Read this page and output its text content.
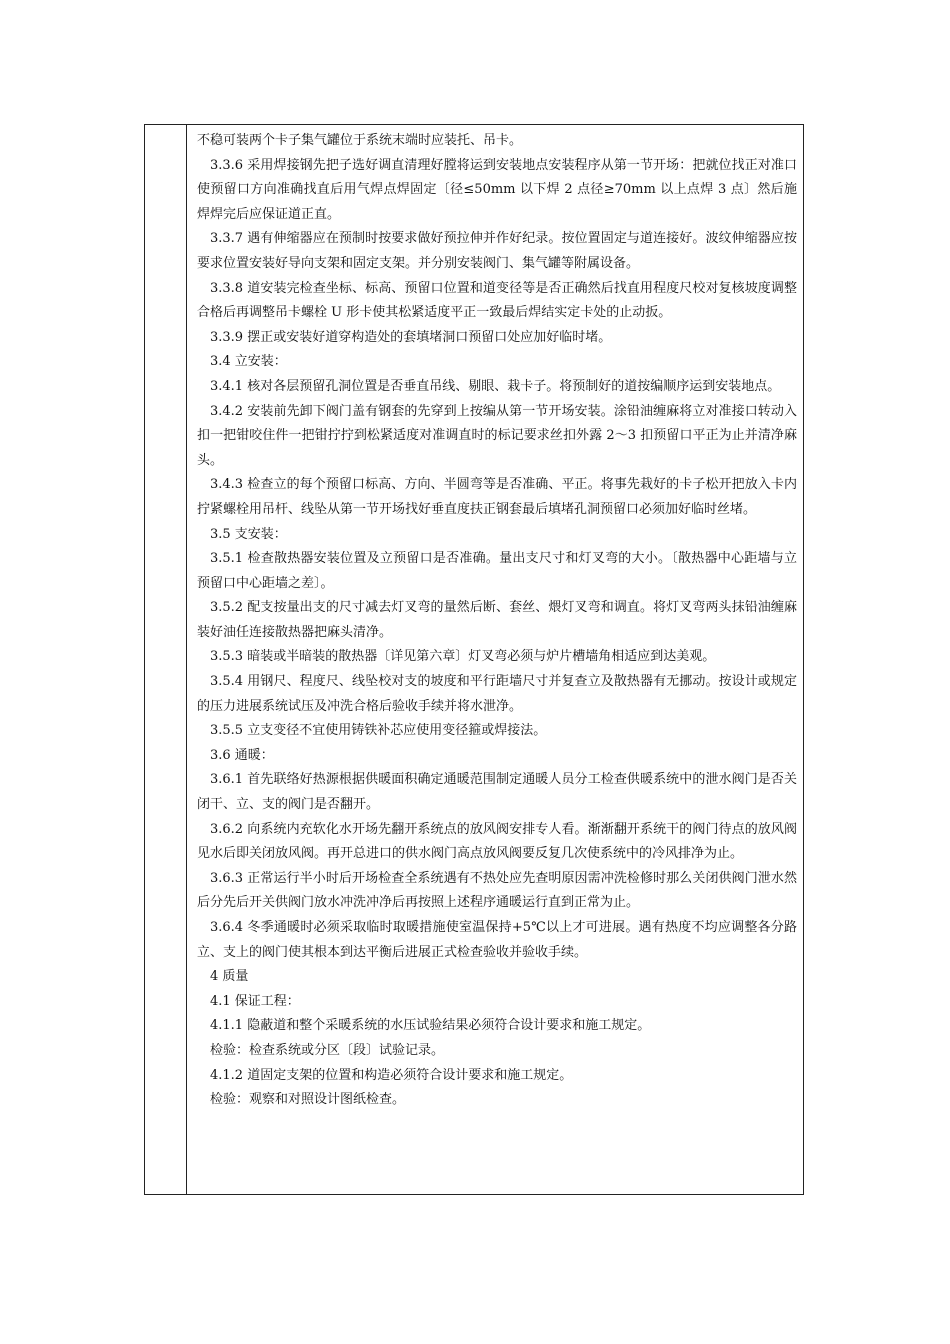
不稳可装两个卡子集气罐位于系统末端时应装托、吊卡。

3.3.6 采用焊接钢先把子选好调直清理好膛将运到安装地点安装程序从第一节开场：把就位找正对准口使预留口方向准确找直后用气焊点焊固定〔径≤50mm 以下焊 2 点径≥70mm 以上点焊 3 点〕然后施焊焊完后应保证道正直。

3.3.7 遇有伸缩器应在预制时按要求做好预拉伸并作好纪录。按位置固定与道连接好。波纹伸缩器应按要求位置安装好导向支架和固定支架。并分别安装阀门、集气罐等附属设备。

3.3.8 道安装完检查坐标、标高、预留口位置和道变径等是否正确然后找直用程度尺校对复核坡度调整合格后再调整吊卡螺栓 U 形卡使其松紧适度平正一致最后焊结实定卡处的止动扳。

3.3.9 摆正或安装好道穿构造处的套填堵洞口预留口处应加好临时堵。

3.4 立安装：

3.4.1 核对各层预留孔洞位置是否垂直吊线、剔眼、栽卡子。将预制好的道按编顺序运到安装地点。

3.4.2 安装前先卸下阀门盖有钢套的先穿到上按编从第一节开场安装。涂铅油缠麻将立对准接口转动入扣一把钳咬住件一把钳拧拧到松紧适度对准调直时的标记要求丝扣外露 2～3 扣预留口平正为止并清净麻头。

3.4.3 检查立的每个预留口标高、方向、半圆弯等是否准确、平正。将事先栽好的卡子松开把放入卡内拧紧螺栓用吊杆、线坠从第一节开场找好垂直度扶正钢套最后填堵孔洞预留口必须加好临时丝堵。

3.5 支安装：

3.5.1 检查散热器安装位置及立预留口是否准确。量出支尺寸和灯叉弯的大小。〔散热器中心距墙与立预留口中心距墙之差〕。

3.5.2 配支按量出支的尺寸减去灯叉弯的量然后断、套丝、煨灯叉弯和调直。将灯叉弯两头抹铅油缠麻装好油任连接散热器把麻头清净。

3.5.3 暗装或半暗装的散热器〔详见第六章〕灯叉弯必须与炉片槽墙角相适应到达美观。

3.5.4 用钢尺、程度尺、线坠校对支的坡度和平行距墙尺寸并复查立及散热器有无挪动。按设计或规定的压力进展系统试压及冲洗合格后验收手续并将水泄净。

3.5.5 立支变径不宜使用铸铁补芯应使用变径箍或焊接法。

3.6 通暖：

3.6.1 首先联络好热源根据供暖面积确定通暖范围制定通暖人员分工检查供暖系统中的泄水阀门是否关闭干、立、支的阀门是否翻开。

3.6.2 向系统内充软化水开场先翻开系统点的放风阀安排专人看。渐渐翻开系统干的阀门待点的放风阀见水后即关闭放风阀。再开总进口的供水阀门高点放风阀要反复几次使系统中的冷风排净为止。

3.6.3 正常运行半小时后开场检查全系统遇有不热处应先查明原因需冲洗检修时那么关闭供阀门泄水然后分先后开关供阀门放水冲洗冲净后再按照上述程序通暖运行直到正常为止。

3.6.4 冬季通暖时必须采取临时取暖措施使室温保持+5℃以上才可进展。遇有热度不均应调整各分路立、支上的阀门使其根本到达平衡后进展正式检查验收并验收手续。

4 质量

4.1 保证工程：

4.1.1 隐蔽道和整个采暖系统的水压试验结果必须符合设计要求和施工规定。

检验：检查系统或分区〔段〕试验记录。

4.1.2 道固定支架的位置和构造必须符合设计要求和施工规定。

检验：观察和对照设计图纸检查。
